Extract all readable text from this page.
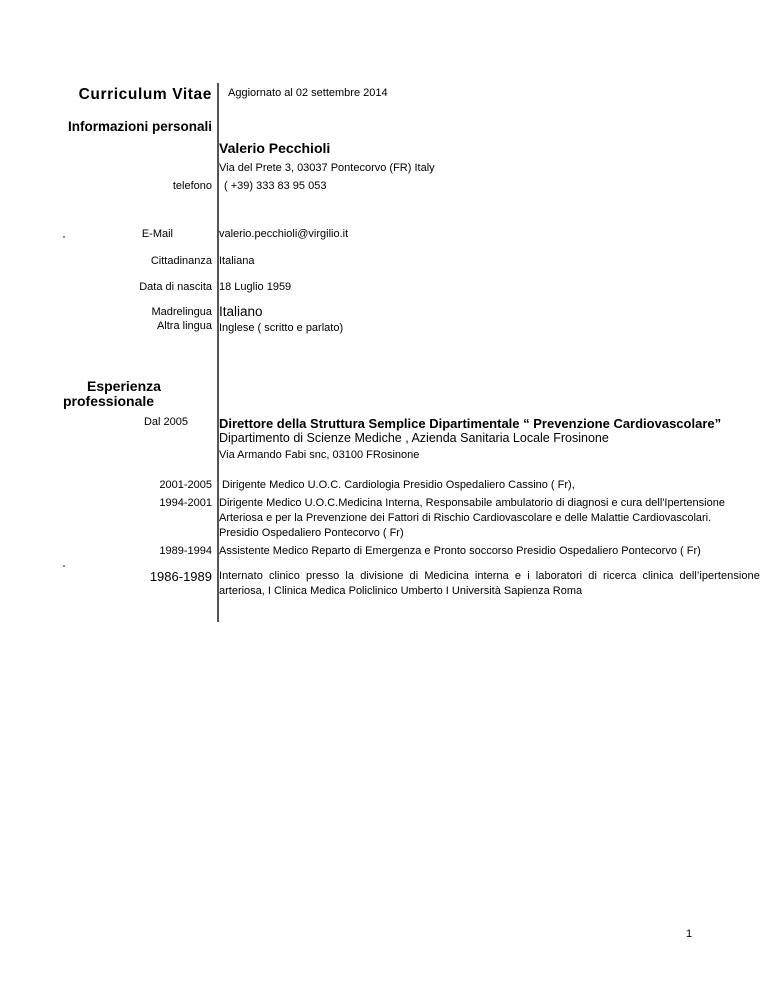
Curriculum Vitae Aggiornato al 02 settembre 2014
Informazioni personali
Valerio Pecchioli
Via del Prete 3, 03037 Pontecorvo (FR) Italy
telefono ( +39) 333 83 95 053
E-Mail	valerio.pecchioli@virgilio.it
Cittadinanza Italiana
Data di nascita 18 Luglio 1959
Madrelingua Italiano
Altra lingua Inglese ( scritto e parlato)
Esperienza
professionale
Dal 2005 Direttore della Struttura Semplice Dipartimentale “ Prevenzione Cardiovascolare”
Dipartimento di Scienze Mediche , Azienda Sanitaria Locale Frosinone
Via Armando Fabi snc, 03100 FRosinone
2001-2005 Dirigente Medico U.O.C. Cardiologia Presidio Ospedaliero Cassino ( Fr),
1994-2001 Dirigente Medico U.O.C.Medicina Interna, Responsabile ambulatorio di diagnosi e cura dell'Ipertensione
Arteriosa e per la Prevenzione dei Fattori di Rischio Cardiovascolare e delle Malattie Cardiovascolari.
Presidio Ospedaliero Pontecorvo ( Fr)
1989-1994 Assistente Medico Reparto di Emergenza e Pronto soccorso Presidio Ospedaliero Pontecorvo ( Fr)
1986-1989 Internato clinico presso la divisione di Medicina interna e i laboratori di ricerca clinica dell’ipertensione
arteriosa, I Clinica Medica Policlinico Umberto I Università Sapienza Roma
1
